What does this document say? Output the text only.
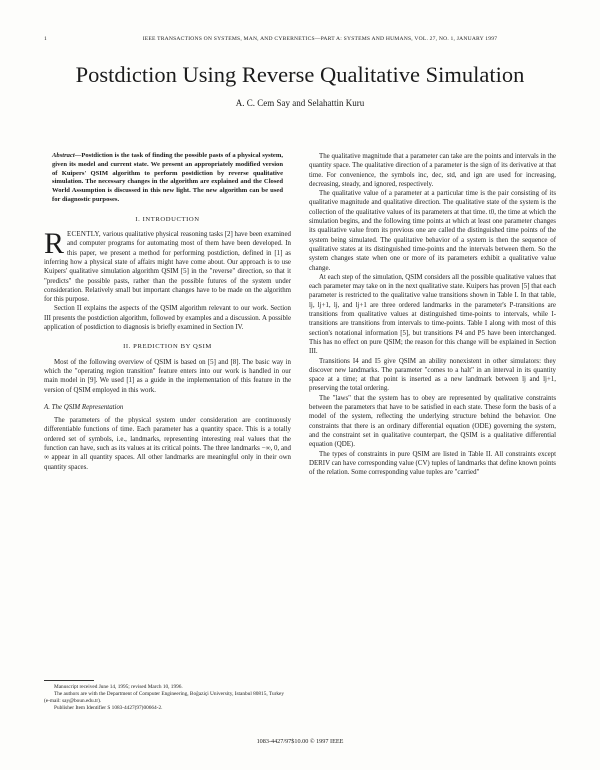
1	IEEE TRANSACTIONS ON SYSTEMS, MAN, AND CYBERNETICS—PART A: SYSTEMS AND HUMANS, VOL. 27, NO. 1, JANUARY 1997
Postdiction Using Reverse Qualitative Simulation
A. C. Cem Say and Selahattin Kuru

Abstract—Postdiction is the task of finding the possible pasts of a physical system, given its model and current state. We present an appropriately modified version of Kuipers' QSIM algorithm to perform postdiction by reverse qualitative simulation. The necessary changes in the algorithm are explained and the Closed World Assumption is discussed in this new light. The new algorithm can be used for diagnostic purposes.

I. INTRODUCTION

RECENTLY, various qualitative physical reasoning tasks [2] have been examined and computer programs for automating most of them have been developed. In this paper, we present a method for performing postdiction, defined in [1] as inferring how a physical state of affairs might have come about. Our approach is to use Kuipers' qualitative simulation algorithm QSIM [5] in the "reverse" direction, so that it "predicts" the possible pasts, rather than the possible futures of the system under consideration. Relatively small but important changes have to be made on the algorithm for this purpose.

Section II explains the aspects of the QSIM algorithm relevant to our work. Section III presents the postdiction algorithm, followed by examples and a discussion. A possible application of postdiction to diagnosis is briefly examined in Section IV.

II. PREDICTION BY QSIM

Most of the following overview of QSIM is based on [5] and [8]. The basic way in which the "operating region transition" feature enters into our work is handled in our main model in [9]. We used [1] as a guide in the implementation of this feature in the version of QSIM employed in this work.

A. The QSIM Representation

The parameters of the physical system under consideration are continuously differentiable functions of time. Each parameter has a quantity space. This is a totally ordered set of symbols, i.e., landmarks, representing interesting real values that the function can have, such as its values at its critical points. The three landmarks −∞, 0, and ∞ appear in all quantity spaces. All other landmarks are meaningful only in their own quantity spaces.

The qualitative magnitude that a parameter can take are the points and intervals in the quantity space. The qualitative direction of a parameter is the sign of its derivative at that time. For convenience, the symbols inc, dec, std, and ign are used for increasing, decreasing, steady, and ignored, respectively.

The qualitative value of a parameter at a particular time is the pair consisting of its qualitative magnitude and qualitative direction. The qualitative state of the system is the collection of the qualitative values of its parameters at that time. t0, the time at which the simulation begins, and the following time points at which at least one parameter changes its qualitative value from its previous one are called the distinguished time points of the system being simulated. The qualitative behavior of a system is then the sequence of qualitative states at its distinguished time-points and the intervals between them. So the system changes state when one or more of its parameters exhibit a qualitative value change.

At each step of the simulation, QSIM considers all the possible qualitative values that each parameter may take on in the next qualitative state. Kuipers has proven [5] that each parameter is restricted to the qualitative value transitions shown in Table I. In that table, lj, lj+1, lj, and lj+1 are three ordered landmarks in the parameter's P-transitions are transitions from qualitative values at distinguished time-points to intervals, while I-transitions are transitions from intervals to time-points. Table I along with most of this section's notational information [5], but transitions P4 and P5 have been interchanged. This has no effect on pure QSIM; the reason for this change will be explained in Section III.

Transitions I4 and I5 give QSIM an ability nonexistent in other simulators: they discover new landmarks. The parameter "comes to a halt" in an interval in its quantity space at a time; at that point is inserted as a new landmark between lj and lj+1, preserving the total ordering.

The "laws" that the system has to obey are represented by qualitative constraints between the parameters that have to be satisfied in each state. These form the basis of a model of the system, reflecting the underlying structure behind the behavior. One constraints that there is an ordinary differential equation (ODE) governing the system, and the constraint set in qualitative counterpart, the QSIM is a qualitative differential equation (QDE).

The types of constraints in pure QSIM are listed in Table II. All constraints except DERIV can have corresponding value (CV) tuples of landmarks that define known points of the relation. Some corresponding value tuples are "carried"

Manuscript received June 14, 1995; revised March 10, 1996.
The authors are with the Department of Computer Engineering, Boğaziçi University, Istanbul 80815, Turkey (e-mail: say@boun.edu.tr).
Publisher Item Identifier S 1083-4427(97)00664-2.
1083-4427/97$10.00 © 1997 IEEE
